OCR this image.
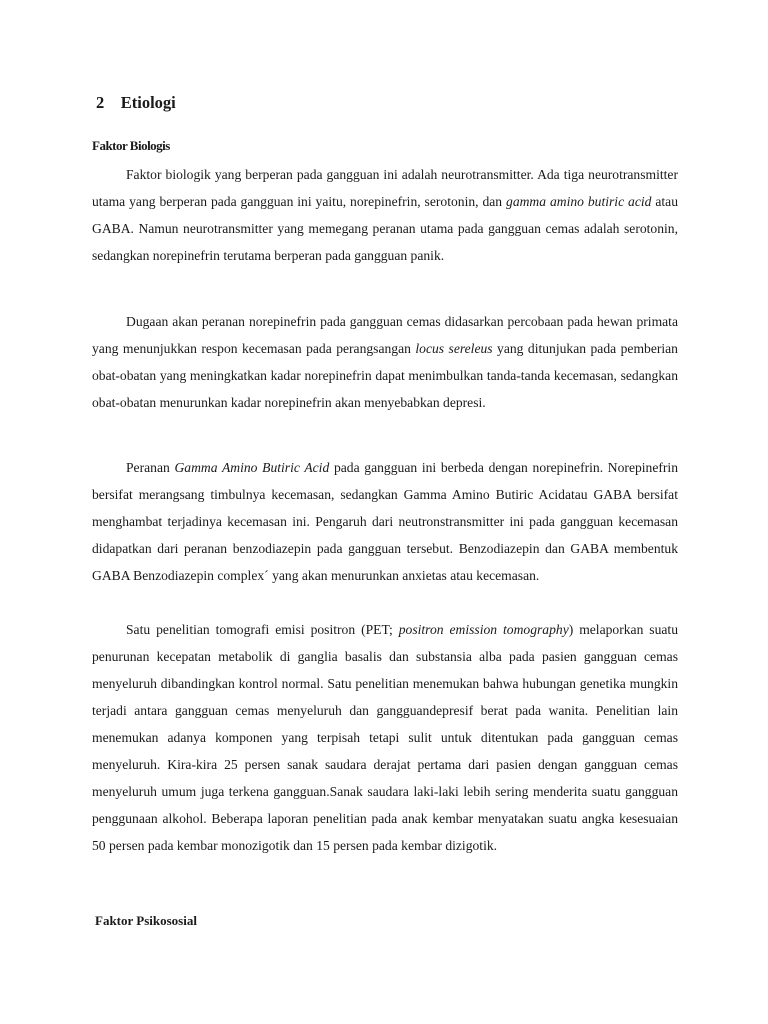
2 Etiologi
Faktor Biologis

Faktor biologik yang berperan pada gangguan ini adalah neurotransmitter. Ada tiga neurotransmitter utama yang berperan pada gangguan ini yaitu, norepinefrin, serotonin, dan gamma amino butiric acid atau GABA. Namun neurotransmitter yang memegang peranan utama pada gangguan cemas adalah serotonin, sedangkan norepinefrin terutama berperan pada gangguan panik.

Dugaan akan peranan norepinefrin pada gangguan cemas didasarkan percobaan pada hewan primata yang menunjukkan respon kecemasan pada perangsangan locus sereleus yang ditunjukan pada pemberian obat-obatan yang meningkatkan kadar norepinefrin dapat menimbulkan tanda-tanda kecemasan, sedangkan obat-obatan menurunkan kadar norepinefrin akan menyebabkan depresi.

Peranan Gamma Amino Butiric Acid pada gangguan ini berbeda dengan norepinefrin. Norepinefrin bersifat merangsang timbulnya kecemasan, sedangkan Gamma Amino Butiric Acidatau GABA bersifat menghambat terjadinya kecemasan ini. Pengaruh dari neutronstransmitter ini pada gangguan kecemasan didapatkan dari peranan benzodiazepin pada gangguan tersebut. Benzodiazepin dan GABA membentuk GABA Benzodiazepin complex´ yang akan menurunkan anxietas atau kecemasan.

Satu penelitian tomografi emisi positron (PET; positron emission tomography) melaporkan suatu penurunan kecepatan metabolik di ganglia basalis dan substansia alba pada pasien gangguan cemas menyeluruh dibandingkan kontrol normal. Satu penelitian menemukan bahwa hubungan genetika mungkin terjadi antara gangguan cemas menyeluruh dan gangguandepresif berat pada wanita. Penelitian lain menemukan adanya komponen yang terpisah tetapi sulit untuk ditentukan pada gangguan cemas menyeluruh. Kira-kira 25 persen sanak saudara derajat pertama dari pasien dengan gangguan cemas menyeluruh umum juga terkena gangguan.Sanak saudara laki-laki lebih sering menderita suatu gangguan penggunaan alkohol. Beberapa laporan penelitian pada anak kembar menyatakan suatu angka kesesuaian 50 persen pada kembar monozigotik dan 15 persen pada kembar dizigotik.

Faktor Psikososial
